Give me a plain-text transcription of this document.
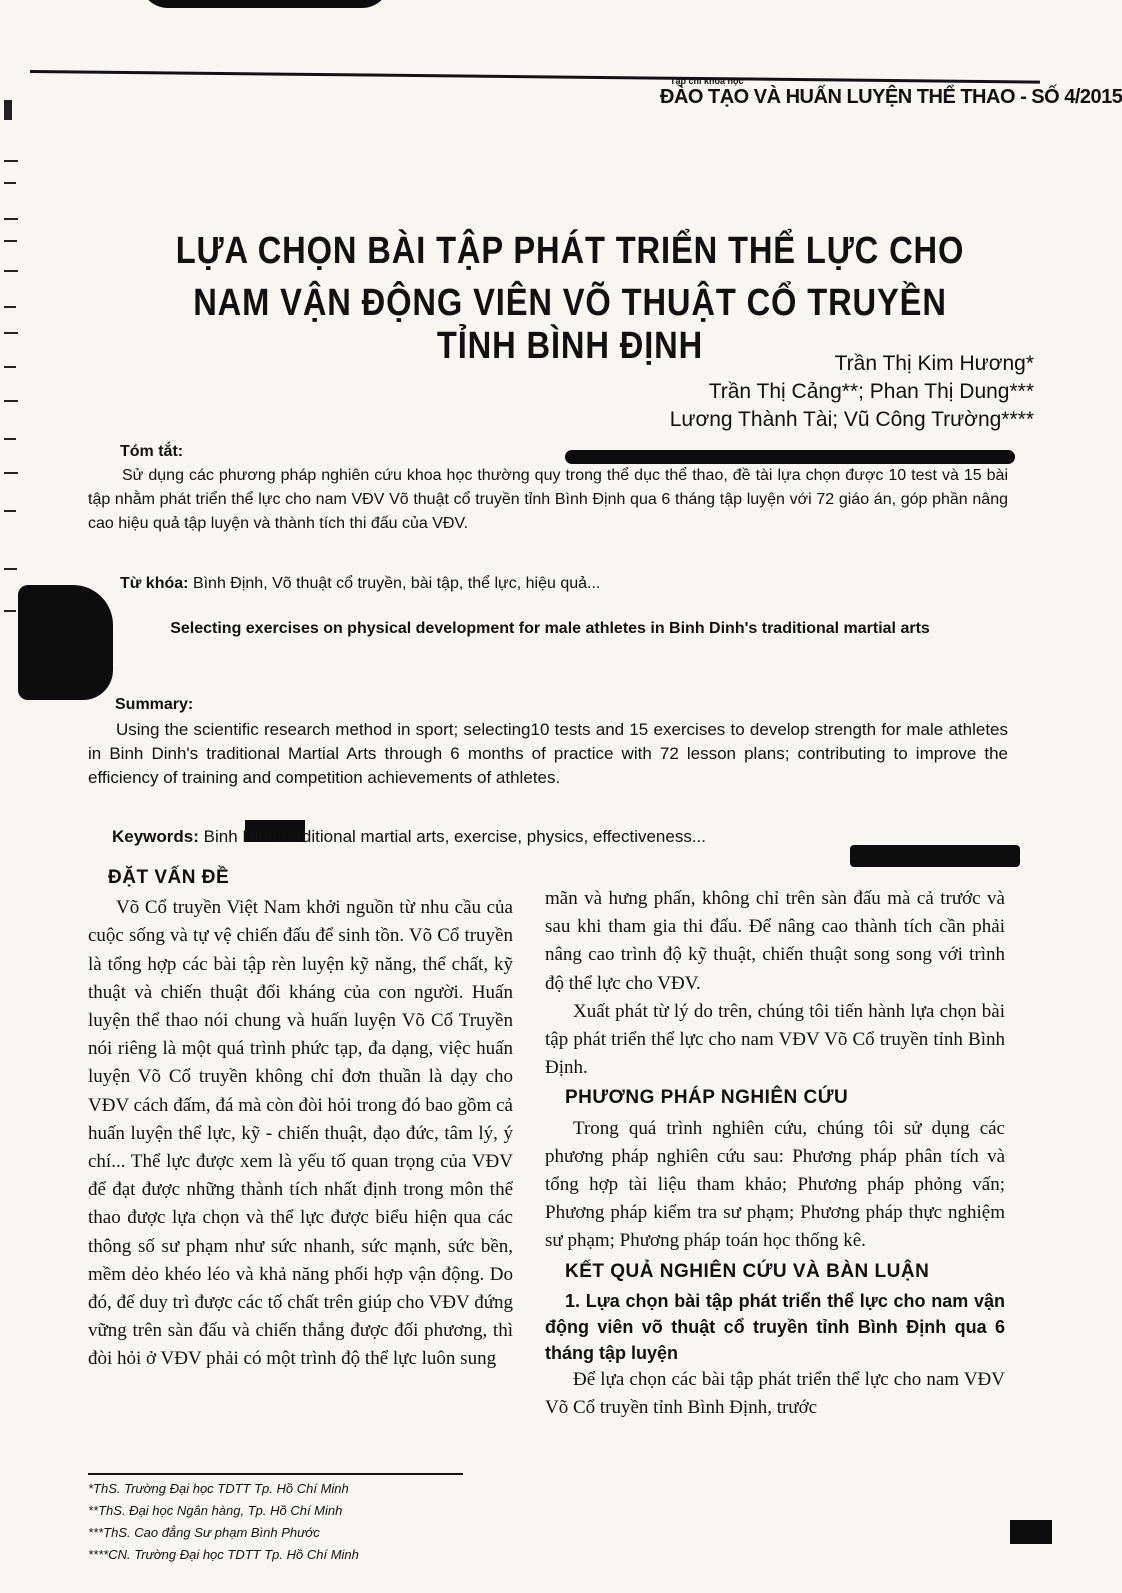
Tạp chí khoa học
ĐÀO TẠO VÀ HUẤN LUYỆN THỂ THAO - SỐ 4/2015
LỰA CHỌN BÀI TẬP PHÁT TRIỂN THỂ LỰC CHO
NAM VẬN ĐỘNG VIÊN VÕ THUẬT CỔ TRUYỀN TỈNH BÌNH ĐỊNH	Trần Thị Kim Hương*
Trần Thị Cảng**; Phan Thị Dung***
Lương Thành Tài; Vũ Công Trường****
Tóm tắt:
Sử dụng các phương pháp nghiên cứu khoa học thường quy trong thể dục thể thao, đề tài lựa chọn được 10 test và 15 bài tập nhằm phát triển thể lực cho nam VĐV Võ thuật cổ truyền tỉnh Bình Định qua 6 tháng tập luyện với 72 giáo án, góp phần nâng cao hiệu quả tập luyện và thành tích thi đấu của VĐV.
Từ khóa: Bình Định, Võ thuật cổ truyền, bài tập, thể lực, hiệu quả...
Selecting exercises on physical development for male athletes in Binh Dinh's traditional martial arts
Summary:
Using the scientific research method in sport; selecting10 tests and 15 exercises to develop strength for male athletes in Binh Dinh's traditional Martial Arts through 6 months of practice with 72 lesson plans; contributing to improve the efficiency of training and competition achievements of athletes.
Keywords: Binh Dinh traditional martial arts, exercise, physics, effectiveness...
ĐẶT VẤN ĐỀ

Võ Cổ truyền Việt Nam khởi nguồn từ nhu cầu của cuộc sống và tự vệ chiến đấu để sinh tồn. Võ Cổ truyền là tổng hợp các bài tập rèn luyện kỹ năng, thể chất, kỹ thuật và chiến thuật đối kháng của con người. Huấn luyện thể thao nói chung và huấn luyện Võ Cổ Truyền nói riêng là một quá trình phức tạp, đa dạng, việc huấn luyện Võ Cổ truyền không chỉ đơn thuần là dạy cho VĐV cách đấm, đá mà còn đòi hỏi trong đó bao gồm cả huấn luyện thể lực, kỹ - chiến thuật, đạo đức, tâm lý, ý chí... Thể lực được xem là yếu tố quan trọng của VĐV để đạt được những thành tích nhất định trong môn thể thao được lựa chọn và thể lực được biểu hiện qua các thông số sư phạm như sức nhanh, sức mạnh, sức bền, mềm dẻo khéo léo và khả năng phối hợp vận động. Do đó, để duy trì được các tố chất trên giúp cho VĐV đứng vững trên sàn đấu và chiến thắng được đối phương, thì đòi hỏi ở VĐV phải có một trình độ thể lực luôn sung

mãn và hưng phấn, không chỉ trên sàn đấu mà cả trước và sau khi tham gia thi đấu. Để nâng cao thành tích cần phải nâng cao trình độ kỹ thuật, chiến thuật song song với trình độ thể lực cho VĐV.

Xuất phát từ lý do trên, chúng tôi tiến hành lựa chọn bài tập phát triển thể lực cho nam VĐV Võ Cổ truyền tỉnh Bình Định.

PHƯƠNG PHÁP NGHIÊN CỨU

Trong quá trình nghiên cứu, chúng tôi sử dụng các phương pháp nghiên cứu sau: Phương pháp phân tích và tổng hợp tài liệu tham khảo; Phương pháp phỏng vấn; Phương pháp kiểm tra sư phạm; Phương pháp thực nghiệm sư phạm; Phương pháp toán học thống kê.

KẾT QUẢ NGHIÊN CỨU VÀ BÀN LUẬN

1. Lựa chọn bài tập phát triển thể lực cho nam vận động viên võ thuật cổ truyền tỉnh Bình Định qua 6 tháng tập luyện

Để lựa chọn các bài tập phát triển thể lực cho nam VĐV Võ Cổ truyền tỉnh Bình Định, trước

*ThS. Trường Đại học TDTT Tp. Hồ Chí Minh
**ThS. Đại học Ngân hàng, Tp. Hồ Chí Minh
***ThS. Cao đẳng Sư phạm Bình Phước
****CN. Trường Đại học TDTT Tp. Hồ Chí Minh
